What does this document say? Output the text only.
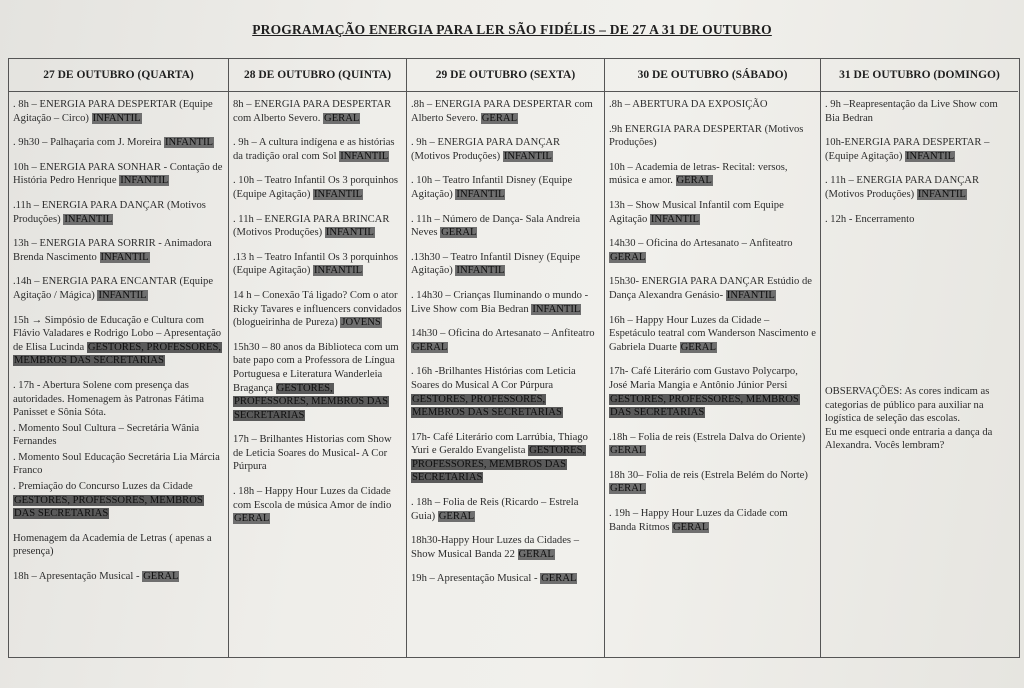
PROGRAMAÇÃO ENERGIA PARA LER SÃO FIDÉLIS – DE 27 A 31 DE OUTUBRO
27 DE OUTUBRO (QUARTA)
. 8h – ENERGIA PARA DESPERTAR (Equipe Agitação – Circo) INFANTIL
. 9h30 – Palhaçaria com J. Moreira INFANTIL
10h – ENERGIA PARA SONHAR - Contação de História Pedro Henrique INFANTIL
.11h – ENERGIA PARA DANÇAR (Motivos Produções) INFANTIL
13h – ENERGIA PARA SORRIR - Animadora Brenda Nascimento INFANTIL
.14h – ENERGIA PARA ENCANTAR (Equipe Agitação / Mágica) INFANTIL
15h → Simpósio de Educação e Cultura com Flávio Valadares e Rodrigo Lobo – Apresentação de Elisa Lucinda GESTORES, PROFESSORES, MEMBROS DAS SECRETARIAS
. 17h - Abertura Solene com presença das autoridades. Homenagem às Patronas Fátima Panisset e Sônia Sóta.
. Momento Soul Cultura – Secretária Wânia Fernandes
. Momento Soul Educação Secretária Lia Márcia Franco
. Premiação do Concurso Luzes da Cidade GESTORES, PROFESSORES, MEMBROS DAS SECRETARIAS
Homenagem da Academia de Letras ( apenas a presença)
18h – Apresentação Musical - GERAL
28 DE OUTUBRO (QUINTA)
8h – ENERGIA PARA DESPERTAR com Alberto Severo. GERAL
. 9h – A cultura indígena e as histórias da tradição oral com Sol INFANTIL
. 10h – Teatro Infantil Os 3 porquinhos (Equipe Agitação) INFANTIL
. 11h – ENERGIA PARA BRINCAR (Motivos Produções) INFANTIL
.13 h – Teatro Infantil Os 3 porquinhos (Equipe Agitação) INFANTIL
14 h – Conexão Tá ligado? Com o ator Ricky Tavares e influencers convidados (blogueirinha de Pureza) JOVENS
15h30 – 80 anos da Biblioteca com um bate papo com a Professora de Língua Portuguesa e Literatura Wanderleia Bragança GESTORES, PROFESSORES, MEMBROS DAS SECRETARIAS
17h – Brilhantes Historias com Show de Leticia Soares do Musical- A Cor Púrpura
. 18h – Happy Hour Luzes da Cidade com Escola de música Amor de índio GERAL
29 DE OUTUBRO (SEXTA)
.8h – ENERGIA PARA DESPERTAR com Alberto Severo. GERAL
. 9h – ENERGIA PARA DANÇAR (Motivos Produções) INFANTIL
. 10h – Teatro Infantil Disney (Equipe Agitação) INFANTIL
. 11h – Número de Dança- Sala Andreia Neves GERAL
.13h30 – Teatro Infantil Disney (Equipe Agitação) INFANTIL
. 14h30 – Crianças Iluminando o mundo - Live Show com Bia Bedran INFANTIL
14h30 – Oficina do Artesanato – Anfiteatro GERAL
. 16h -Brilhantes Histórias com Leticia Soares do Musical A Cor Púrpura GESTORES, PROFESSORES, MEMBROS DAS SECRETARIAS
17h- Café Literário com Larrúbia, Thiago Yuri e Geraldo Evangelista GESTORES, PROFESSORES, MEMBROS DAS SECRETARIAS
. 18h – Folia de Reis (Ricardo – Estrela Guia) GERAL
18h30-Happy Hour Luzes da Cidades – Show Musical Banda 22 GERAL
19h – Apresentação Musical - GERAL
30 DE OUTUBRO (SÁBADO)
.8h – ABERTURA DA EXPOSIÇÃO
.9h ENERGIA PARA DESPERTAR (Motivos Produções)
10h – Academia de letras- Recital: versos, música e amor. GERAL
13h – Show Musical Infantil com Equipe Agitação INFANTIL
14h30 – Oficina do Artesanato – Anfiteatro GERAL
15h30- ENERGIA PARA DANÇAR Estúdio de Dança Alexandra Genásio- INFANTIL
16h – Happy Hour Luzes da Cidade – Espetáculo teatral com Wanderson Nascimento e Gabriela Duarte GERAL
17h- Café Literário com Gustavo Polycarpo, José Maria Mangia e Antônio Júnior Persi GESTORES, PROFESSORES, MEMBROS DAS SECRETARIAS
.18h – Folia de reis (Estrela Dalva do Oriente) GERAL
18h 30– Folia de reis (Estrela Belém do Norte) GERAL
. 19h – Happy Hour Luzes da Cidade com Banda Ritmos GERAL
31 DE OUTUBRO (DOMINGO)
. 9h –Reapresentação da Live Show com Bia Bedran
10h-ENERGIA PARA DESPERTAR – (Equipe Agitação) INFANTIL
. 11h – ENERGIA PARA DANÇAR (Motivos Produções) INFANTIL
. 12h - Encerramento
OBSERVAÇÕES: As cores indicam as categorias de público para auxiliar na logística de seleção das escolas.
Eu me esqueci onde entraria a dança da Alexandra. Vocês lembram?
